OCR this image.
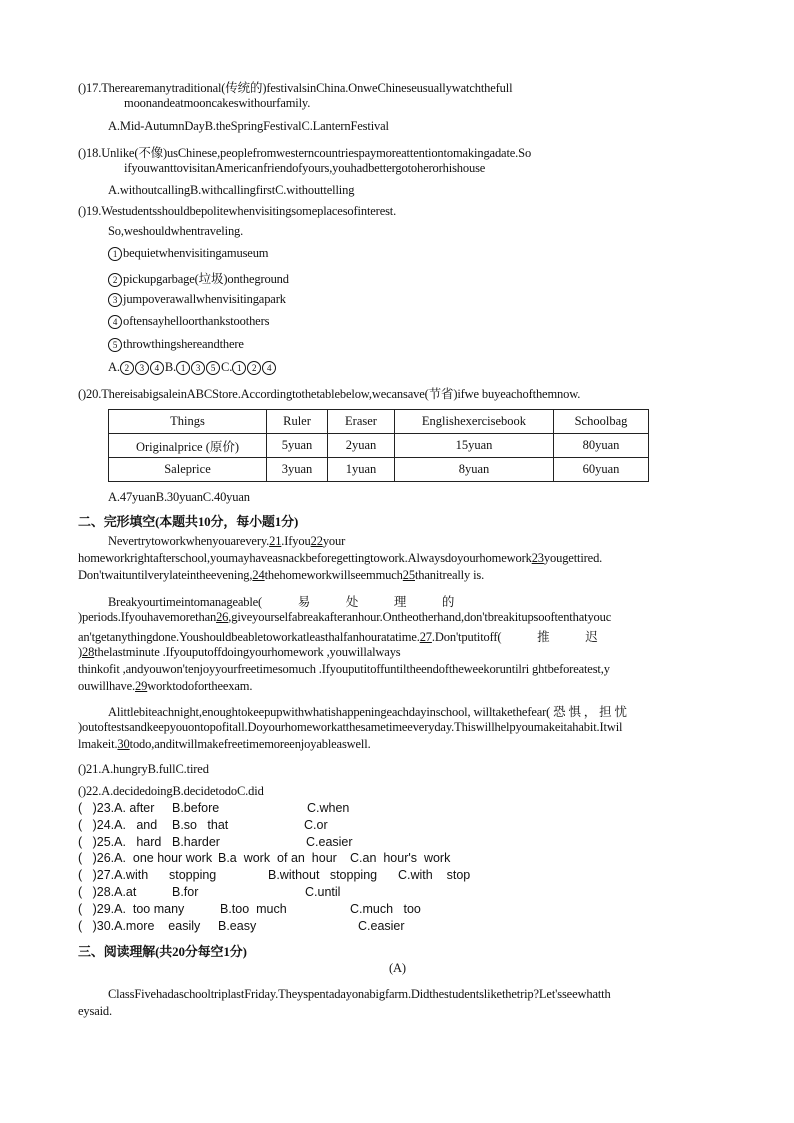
()17.Therearemanytraditional(传统的)festivalsinChina.OnweChineseusuallywatchthefull
moonandeatmooncakeswithourfamily.
A.Mid-AutumnDayB.theSpringFestivalC.LanternFestival
()18.Unlike(不像)usChinese,peoplefromwesterncountriespaymoreattentiontomakingadate.So
ifyouwanttovisitanAmericanfriendofyours,youhadbettergotoherorhishouse
A.withoutcallingB.withcallingfirstC.withouttelling
()19.Westudentsshouldbepolitewhenvisitingsomeplacesofinterest.
So,weshouldwhentraveling.
1 bequietwhenvisitingamuseum
2 pickupgarbage(垃圾)ontheground
3 jumpoverawallwhenvisitingapark
4 oftensayhelloorthankstoothers
5 throwthingshereandthere
A. 2 3 4 B. 1 3 5 C. 1 2 4
()20.ThereisabigsaleinABCStore.Accordingtothetablebelow,wecansave(节省)ifwe buyeachofthemnow.
Things	Ruler	Eraser	Englishexercisebook	Schoolbag
Originalprice (原价)	5yuan	2yuan	15yuan	80yuan
Saleprice	3yuan	1yuan	8yuan	60yuan
A.47yuanB.30yuanC.40yuan
二、完形填空(本题共10分，每小题1分)
Nevertrytoworkwhenyouarevery.21.Ifyou22your
homeworkrightafterschool,youmayhaveasnackbeforegettingtowork.Alwaysdoyourhomework23yougettired.
Don'twaituntilverylateintheevening,24thehomeworkwillseemmuch25thanitreally is.
Breakyourtimeintomanageable(            易            处            理            的
)periods.Ifyouhavemorethan26,giveyourselfabreakafteranhour.Ontheotherhand,don'tbreakitupsooftenthatyouc
an'tgetanythingdone.Youshouldbeabletoworkatleasthalfanhouratatime.27.Don'tputitoff(            推            迟
)28thelastminute .Ifyouputoffdoingyourhomework ,youwillalways
thinkofit ,andyouwon'tenjoyyourfreetimesomuch .Ifyouputitoffuntiltheendoftheweekoruntilri ghtbeforeatest,y
ouwillhave.29worktodofortheexam.
Alittlebiteachnight,enoughtokeepupwithwhatishappeningeachdayinschool, willtakethefear( 恐 惧 ， 担 忧
)outoftestsandkeepyouontopofitall.Doyourhomeworkatthesametimeeveryday.Thiswillhelpyoumakeitahabit.Itwil
lmakeit.30todo,anditwillmakefreetimemoreenjoyableaswell.
()21.A.hungryB.fullC.tired
()22.A.decidedoingB.decidetodoC.did
(   )23.A. after B.before	C.when
(   )24.A.   and B.so   that	C.or
(   )25.A.   hard B.harder	C.easier
(   )26.A.  one hour work B.a  work  of an  hour C.an  hour's  work
(   )27.A.with      stopping	B.without   stopping C.with    stop
(   )28.A.at	B.for	C.until
(   )29.A.  too many	B.too  much	C.much   too
(   )30.A.more    easily B.easy	C.easier
三、阅读理解(共20分每空1分)
(A)
ClassFivehadaschooltriplastFriday.Theyspentadayonabigfarm.Didthestudentslikethetrip?Let'sseewhatth
eysaid.
